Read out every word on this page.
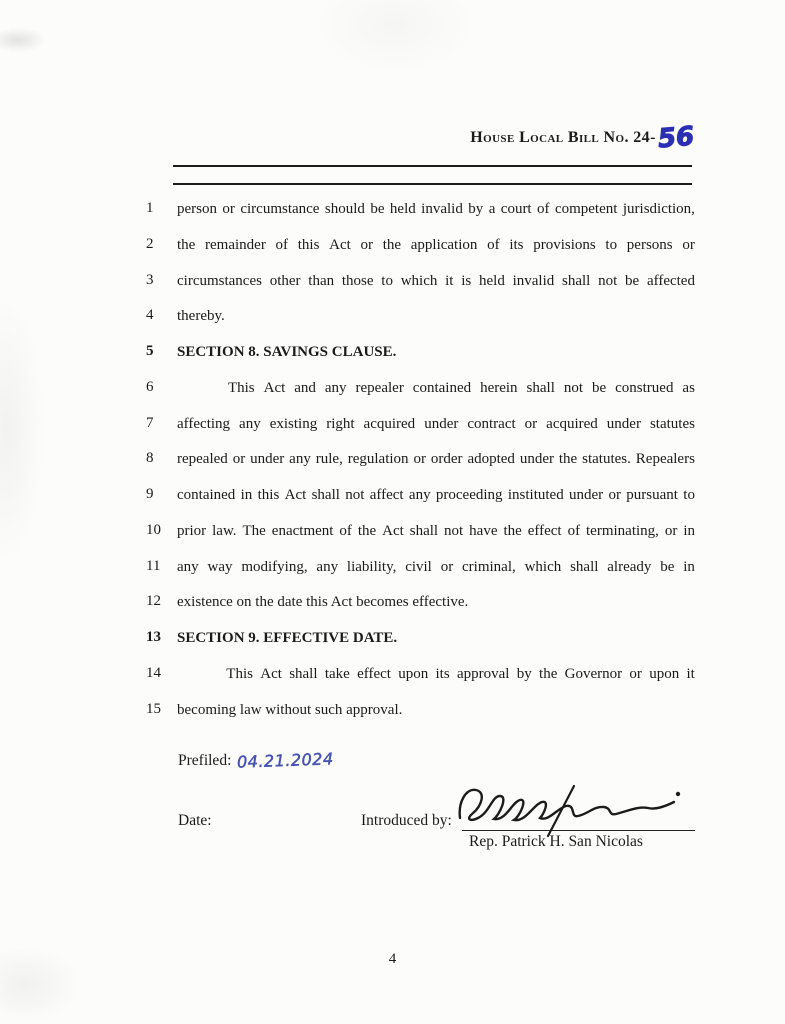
House Local Bill No. 24-56
1	person or circumstance should be held invalid by a court of competent jurisdiction,
2	the remainder of this Act or the application of its provisions to persons or
3	circumstances other than those to which it is held invalid shall not be affected
4	thereby.
5	SECTION 8. SAVINGS CLAUSE.
6	This Act and any repealer contained herein shall not be construed as
7	affecting any existing right acquired under contract or acquired under statutes
8	repealed or under any rule, regulation or order adopted under the statutes. Repealers
9	contained in this Act shall not affect any proceeding instituted under or pursuant to
10	prior law. The enactment of the Act shall not have the effect of terminating, or in
11	any way modifying, any liability, civil or criminal, which shall already be in
12	existence on the date this Act becomes effective.
13	SECTION 9. EFFECTIVE DATE.
14	This Act shall take effect upon its approval by the Governor or upon it
15	becoming law without such approval.
Prefiled: 04.21.2024
Date:	Introduced by:
Rep. Patrick H. San Nicolas
4
